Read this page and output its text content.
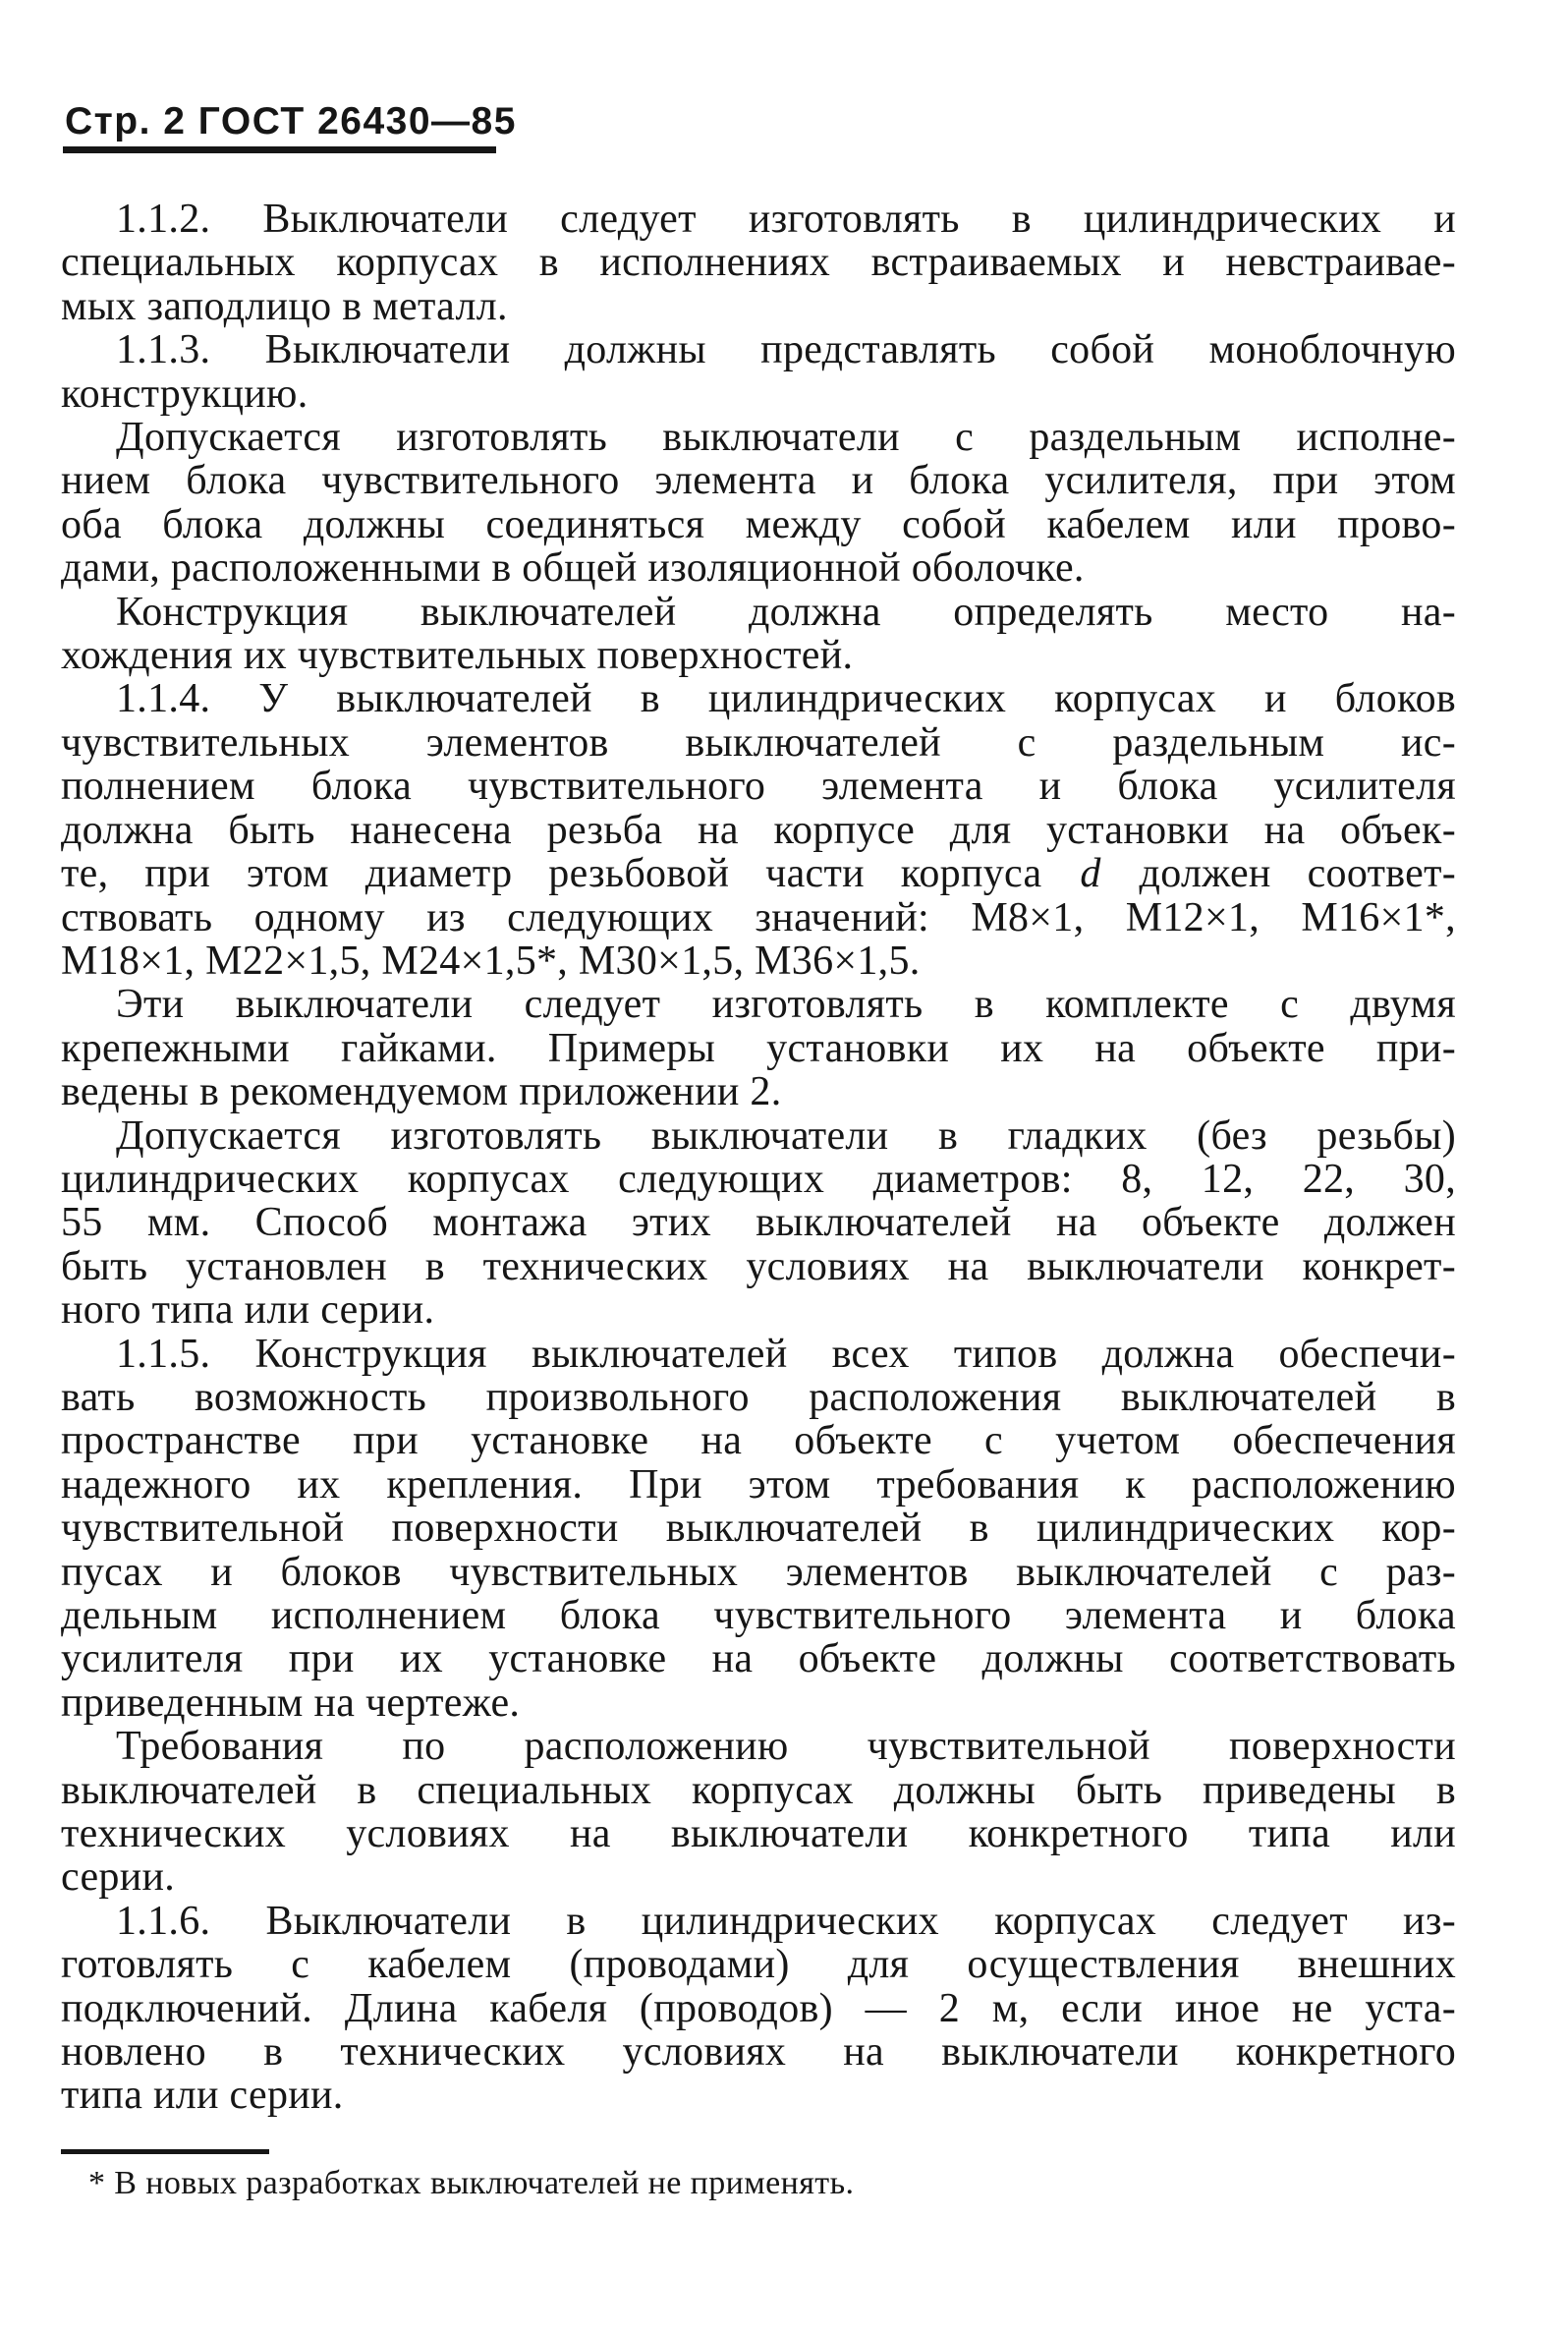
Стр. 2 ГОСТ 26430—85
1.1.2. Выключатели следует изготовлять в цилиндрических и
специальных корпусах в исполнениях встраиваемых и невстраивае-
мых заподлицо в металл.
1.1.3. Выключатели должны представлять собой моноблочную
конструкцию.
Допускается изготовлять выключатели с раздельным исполне-
нием блока чувствительного элемента и блока усилителя, при этом
оба блока должны соединяться между собой кабелем или прово-
дами, расположенными в общей изоляционной оболочке.
Конструкция выключателей должна определять место на-
хождения их чувствительных поверхностей.
1.1.4. У выключателей в цилиндрических корпусах и блоков
чувствительных элементов выключателей с раздельным ис-
полнением блока чувствительного элемента и блока усилителя
должна быть нанесена резьба на корпусе для установки на объек-
те, при этом диаметр резьбовой части корпуса d должен соответ-
ствовать одному из следующих значений: М8×1, М12×1, М16×1*,
М18×1, М22×1,5, М24×1,5*, М30×1,5, М36×1,5.
Эти выключатели следует изготовлять в комплекте с двумя
крепежными гайками. Примеры установки их на объекте при-
ведены в рекомендуемом приложении 2.
Допускается изготовлять выключатели в гладких (без резьбы)
цилиндрических корпусах следующих диаметров: 8, 12, 22, 30,
55 мм. Способ монтажа этих выключателей на объекте должен
быть установлен в технических условиях на выключатели конкрет-
ного типа или серии.
1.1.5. Конструкция выключателей всех типов должна обеспечи-
вать возможность произвольного расположения выключателей в
пространстве при установке на объекте с учетом обеспечения
надежного их крепления. При этом требования к расположению
чувствительной поверхности выключателей в цилиндрических кор-
пусах и блоков чувствительных элементов выключателей с раз-
дельным исполнением блока чувствительного элемента и блока
усилителя при их установке на объекте должны соответствовать
приведенным на чертеже.
Требования по расположению чувствительной поверхности
выключателей в специальных корпусах должны быть приведены в
технических условиях на выключатели конкретного типа или
серии.
1.1.6. Выключатели в цилиндрических корпусах следует из-
готовлять с кабелем (проводами) для осуществления внешних
подключений. Длина кабеля (проводов) — 2 м, если иное не уста-
новлено в технических условиях на выключатели конкретного
типа или серии.
* В новых разработках выключателей не применять.
